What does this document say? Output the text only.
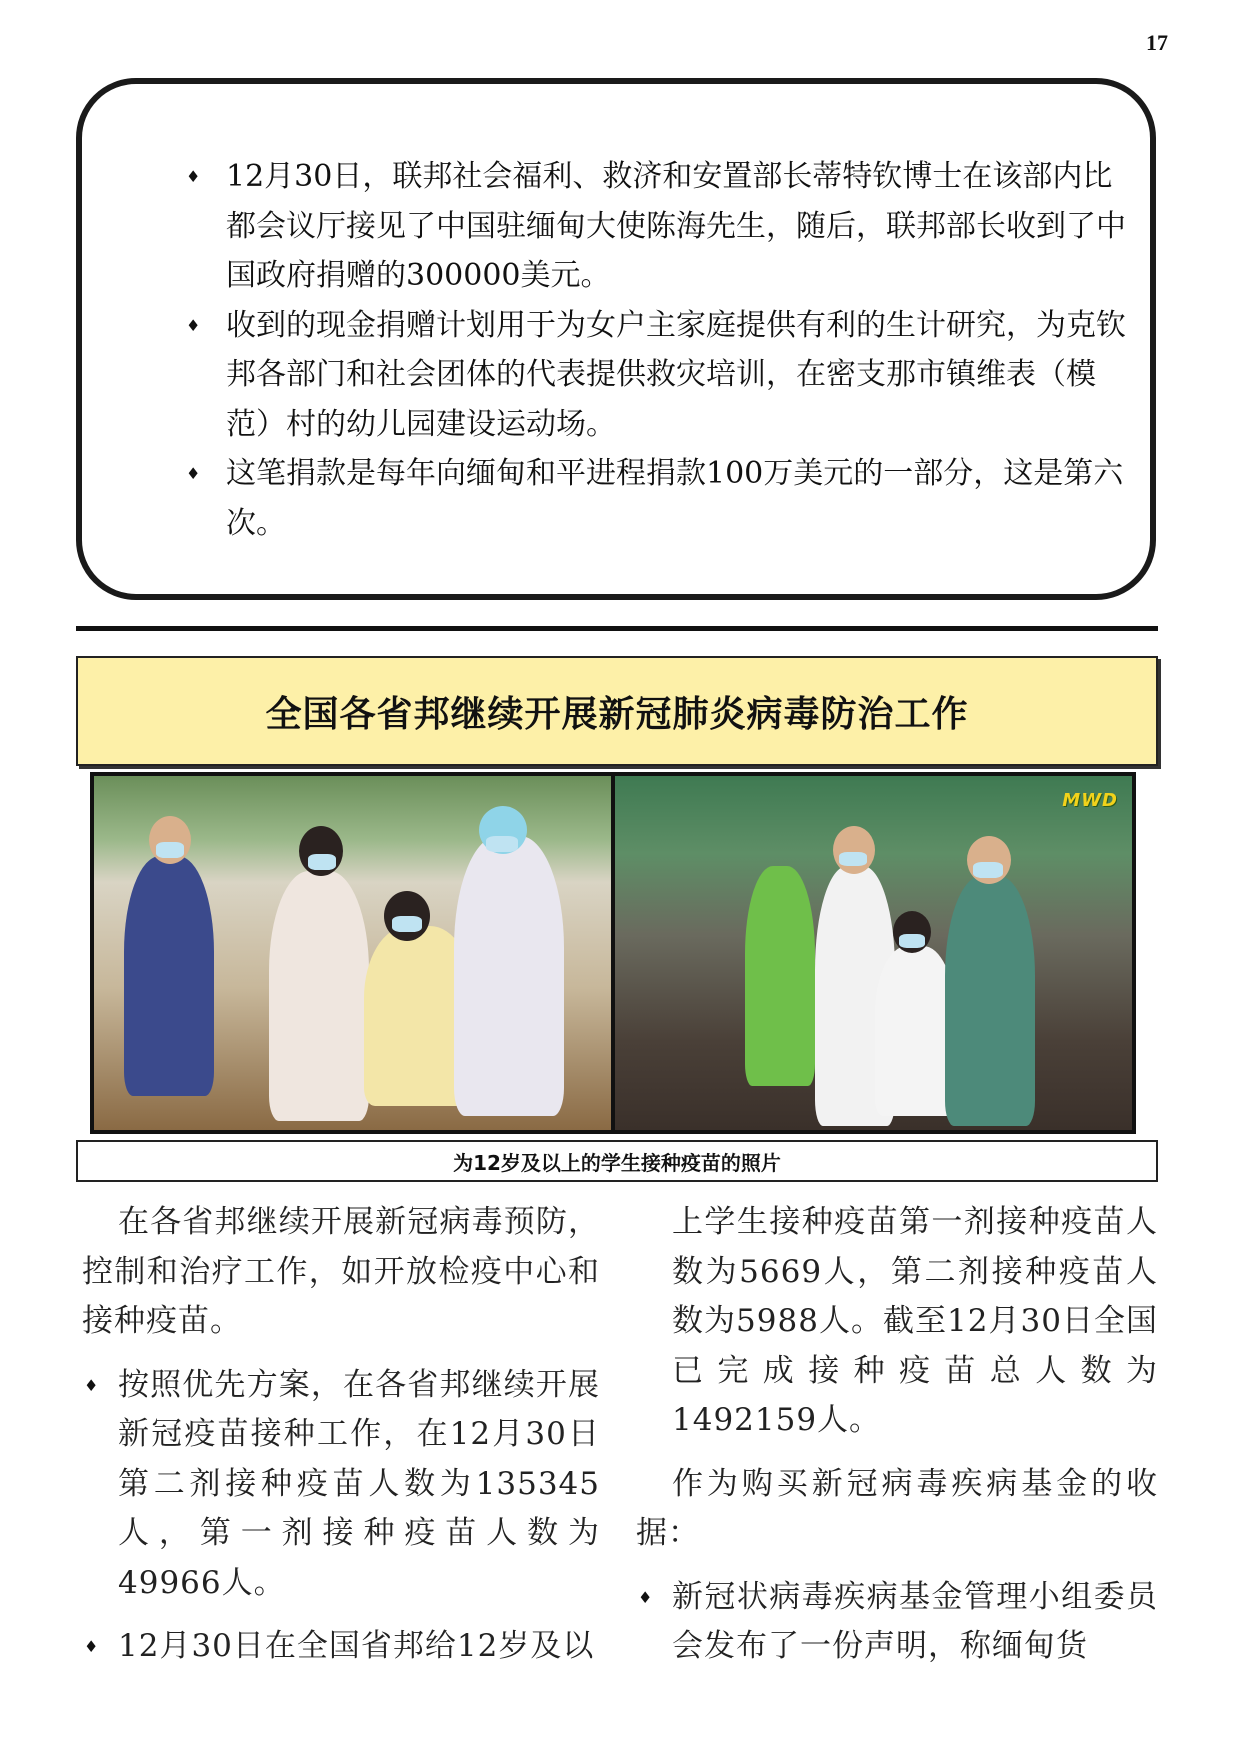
17
♦ 12月30日，联邦社会福利、救济和安置部长蒂特钦博士在该部内比都会议厅接见了中国驻缅甸大使陈海先生，随后，联邦部长收到了中国政府捐赠的300000美元。
♦ 收到的现金捐赠计划用于为女户主家庭提供有利的生计研究，为克钦邦各部门和社会团体的代表提供救灾培训，在密支那市镇维表（模范）村的幼儿园建设运动场。
♦ 这笔捐款是每年向缅甸和平进程捐款100万美元的一部分，这是第六次。
全国各省邦继续开展新冠肺炎病毒防治工作
MWD
为12岁及以上的学生接种疫苗的照片

在各省邦继续开展新冠病毒预防，控制和治疗工作，如开放检疫中心和接种疫苗。

♦ 按照优先方案，在各省邦继续开展新冠疫苗接种工作，在12月30日第二剂接种疫苗人数为135345人，第一剂接种疫苗人数为49966人。
♦ 12月30日在全国省邦给12岁及以

上学生接种疫苗第一剂接种疫苗人数为5669人，第二剂接种疫苗人数为5988人。截至12月30日全国已完成接种疫苗总人数为1492159人。

作为购买新冠病毒疾病基金的收据：

♦ 新冠状病毒疾病基金管理小组委员会发布了一份声明，称缅甸货
